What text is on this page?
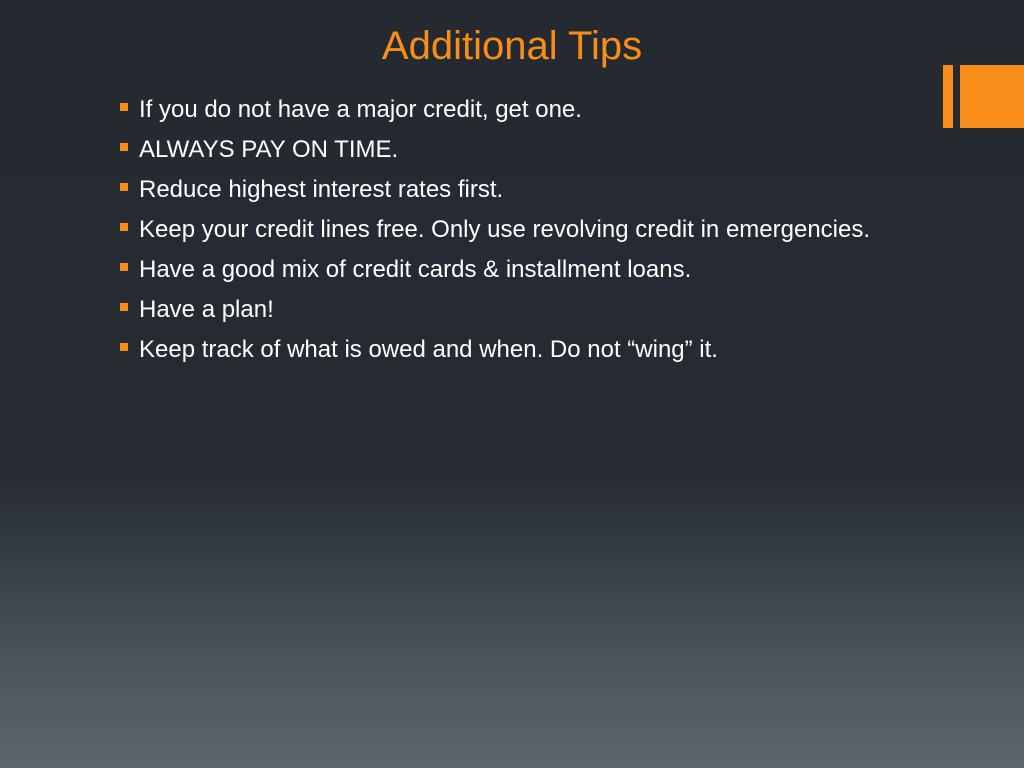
Additional Tips
If you do not have a major credit, get one.
ALWAYS PAY ON TIME.
Reduce highest interest rates first.
Keep your credit lines free. Only use revolving credit in emergencies.
Have a good mix of credit cards & installment loans.
Have a plan!
Keep track of what is owed and when. Do not “wing” it.
